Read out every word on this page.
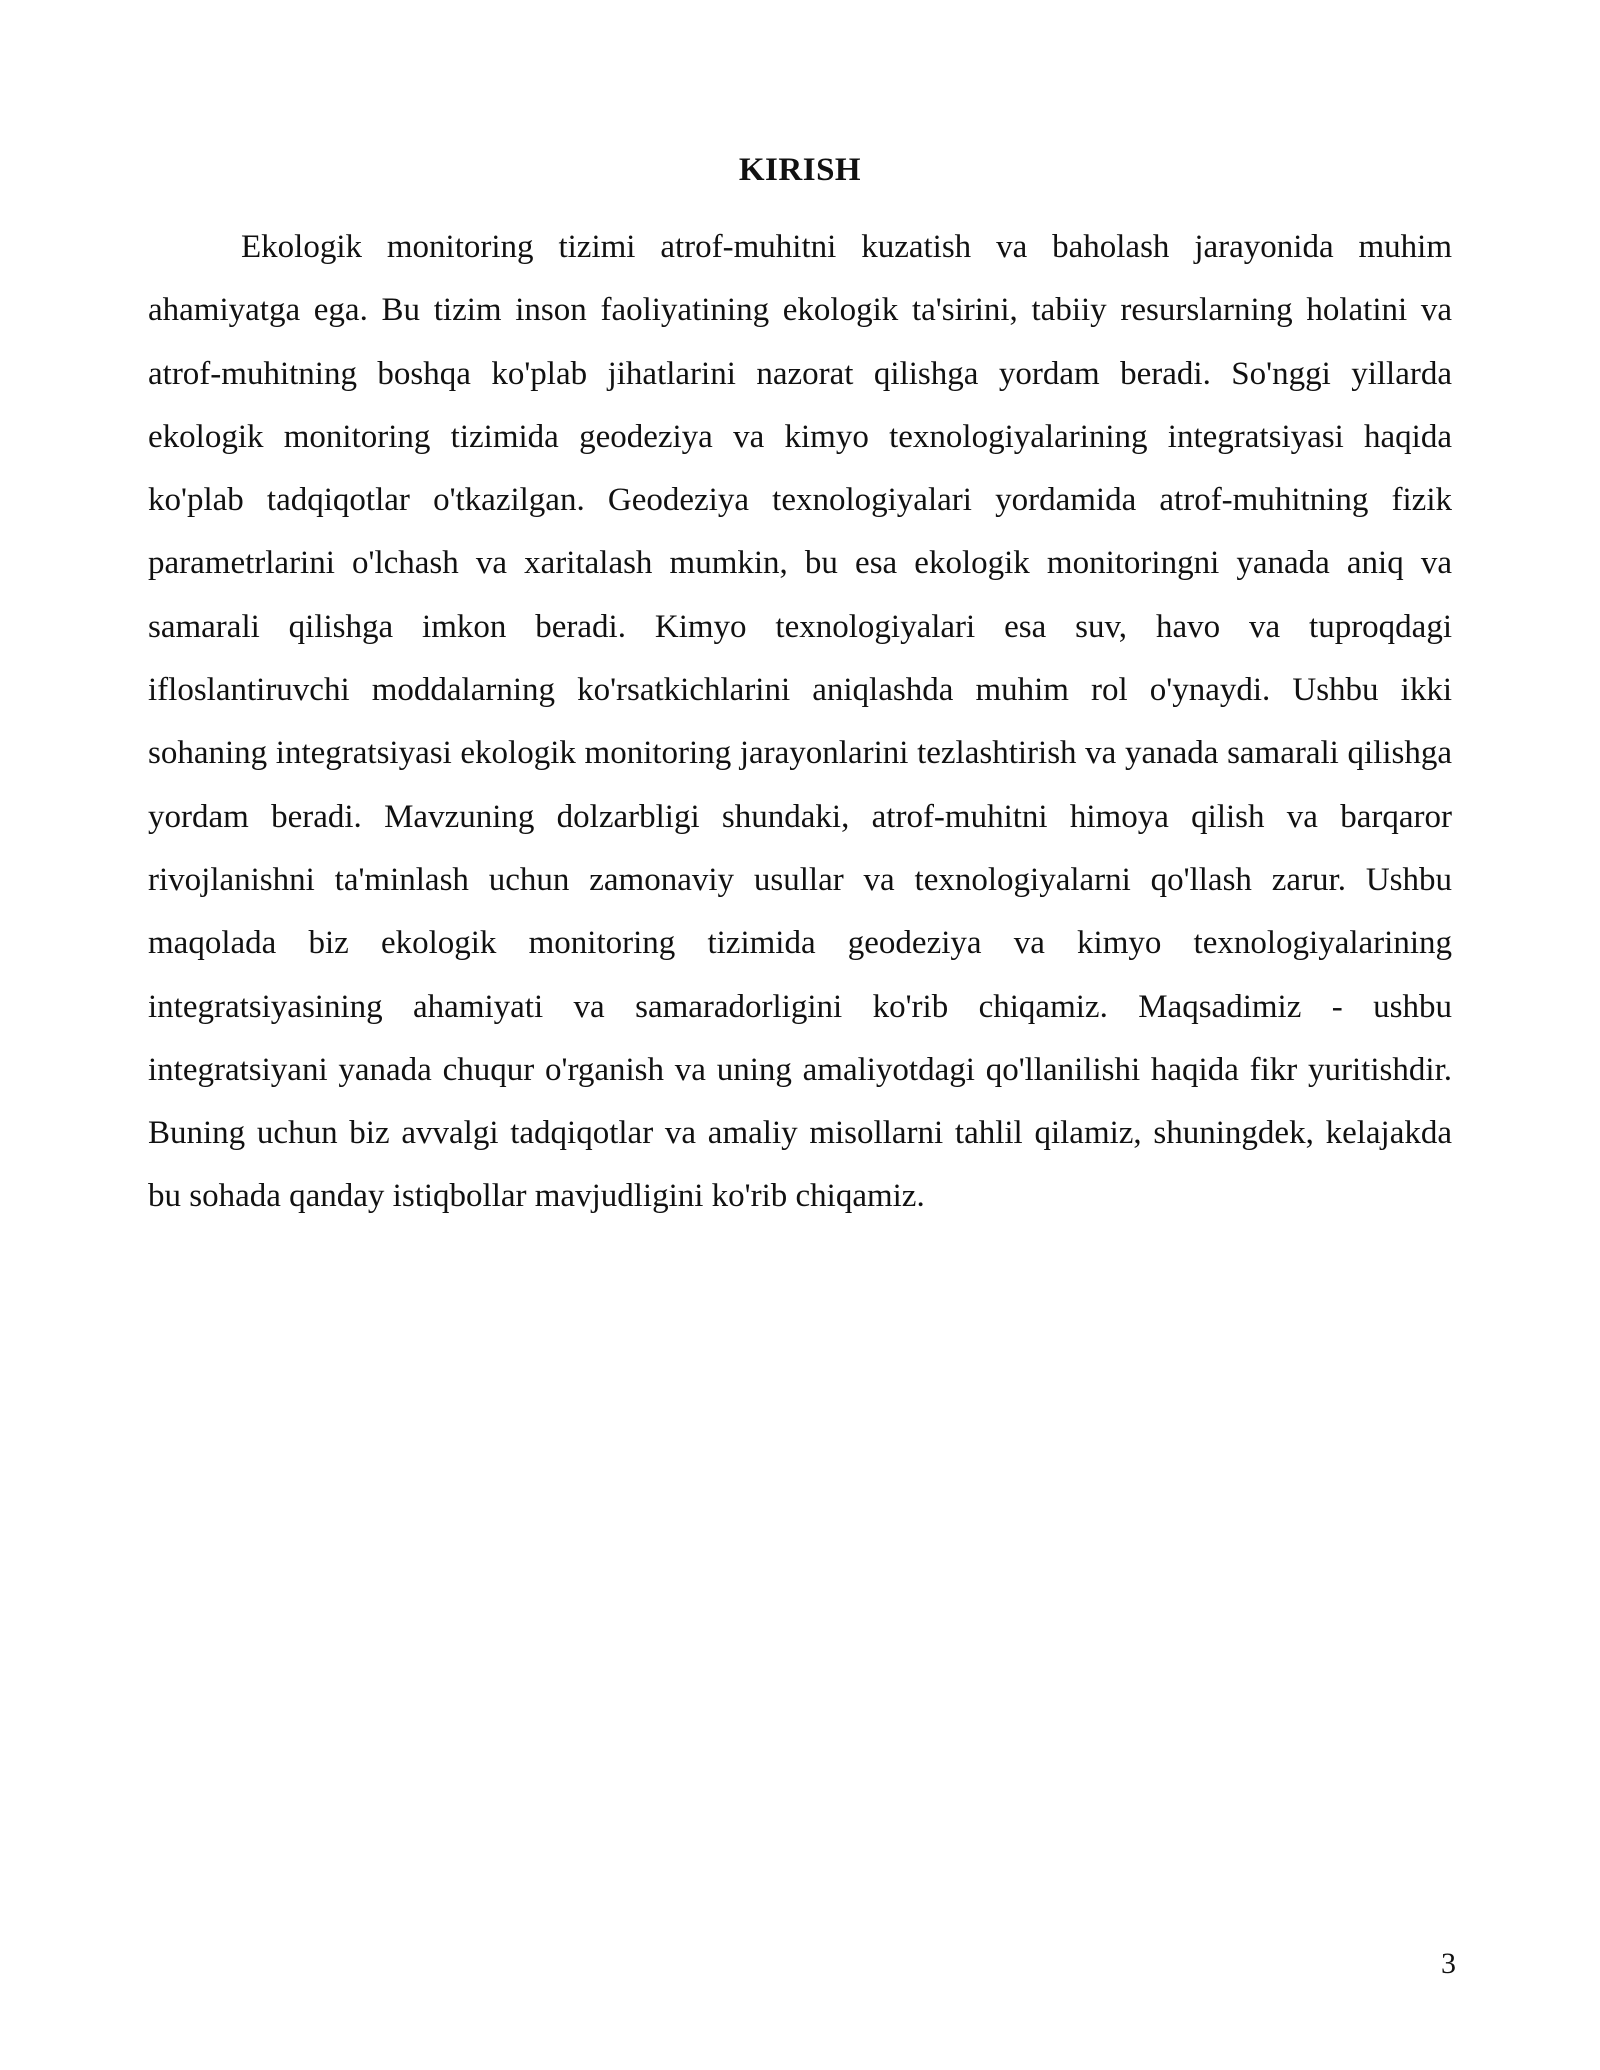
KIRISH

Ekologik monitoring tizimi atrof-muhitni kuzatish va baholash jarayonida muhim ahamiyatga ega. Bu tizim inson faoliyatining ekologik ta'sirini, tabiiy resurslarning holatini va atrof-muhitning boshqa ko'plab jihatlarini nazorat qilishga yordam beradi. So'nggi yillarda ekologik monitoring tizimida geodeziya va kimyo texnologiyalarining integratsiyasi haqida ko'plab tadqiqotlar o'tkazilgan. Geodeziya texnologiyalari yordamida atrof-muhitning fizik parametrlarini o'lchash va xaritalash mumkin, bu esa ekologik monitoringni yanada aniq va samarali qilishga imkon beradi. Kimyo texnologiyalari esa suv, havo va tuproqdagi ifloslantiruvchi moddalarning ko'rsatkichlarini aniqlashda muhim rol o'ynaydi. Ushbu ikki sohaning integratsiyasi ekologik monitoring jarayonlarini tezlashtirish va yanada samarali qilishga yordam beradi. Mavzuning dolzarbligi shundaki, atrof-muhitni himoya qilish va barqaror rivojlanishni ta'minlash uchun zamonaviy usullar va texnologiyalarni qo'llash zarur. Ushbu maqolada biz ekologik monitoring tizimida geodeziya va kimyo texnologiyalarining integratsiyasining ahamiyati va samaradorligini ko'rib chiqamiz. Maqsadimiz - ushbu integratsiyani yanada chuqur o'rganish va uning amaliyotdagi qo'llanilishi haqida fikr yuritishdir. Buning uchun biz avvalgi tadqiqotlar va amaliy misollarni tahlil qilamiz, shuningdek, kelajakda bu sohada qanday istiqbollar mavjudligini ko'rib chiqamiz.

3
